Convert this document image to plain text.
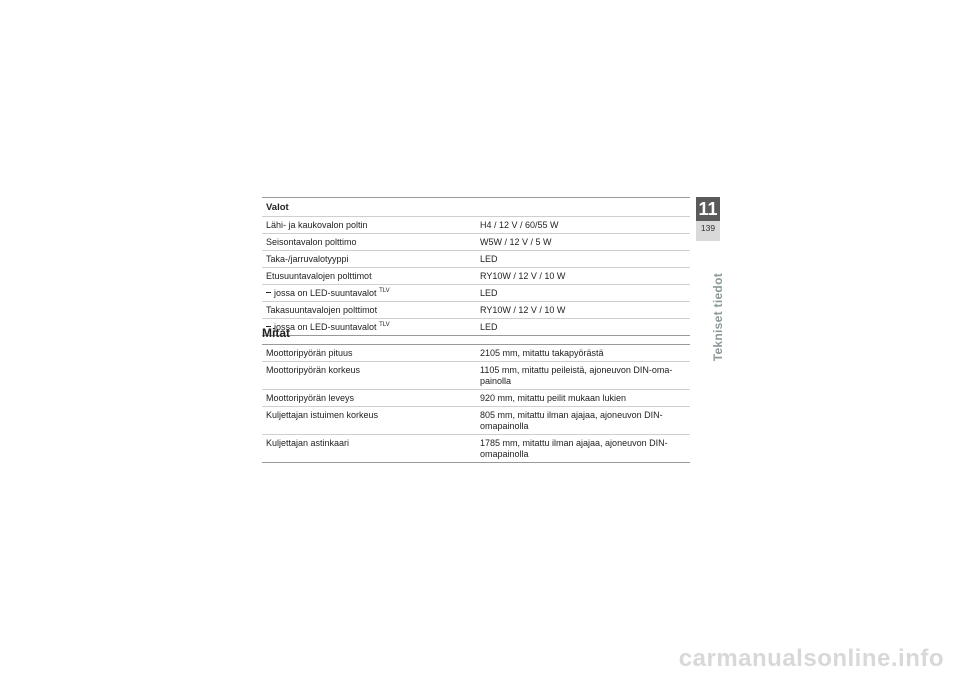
Valot
Lähi- ja kaukovalon poltin	H4 / 12 V / 60/55 W
Seisontavalon polttimo	W5W / 12 V / 5 W
Taka-/jarruvalotyyppi	LED
Etusuuntavalojen polttimot	RY10W / 12 V / 10 W
jossa on LED-suuntavalot $^{TLV}$	LED
Takasuuntavalojen polttimot	RY10W / 12 V / 10 W
jossa on LED-suuntavalot $^{TLV}$	LED
Mitat
Moottoripyörän pituus	2105 mm, mitattu takapyörästä
Moottoripyörän korkeus	1105 mm, mitattu peileistä, ajoneuvon DIN-oma-
painolla
Moottoripyörän leveys	920 mm, mitattu peilit mukaan lukien
Kuljettajan istuimen korkeus	805 mm, mitattu ilman ajajaa, ajoneuvon DIN-
omapainolla
Kuljettajan astinkaari	1785 mm, mitattu ilman ajajaa, ajoneuvon DIN-
omapainolla
11
139
Tekniset tiedot
carmanualsonline.info
